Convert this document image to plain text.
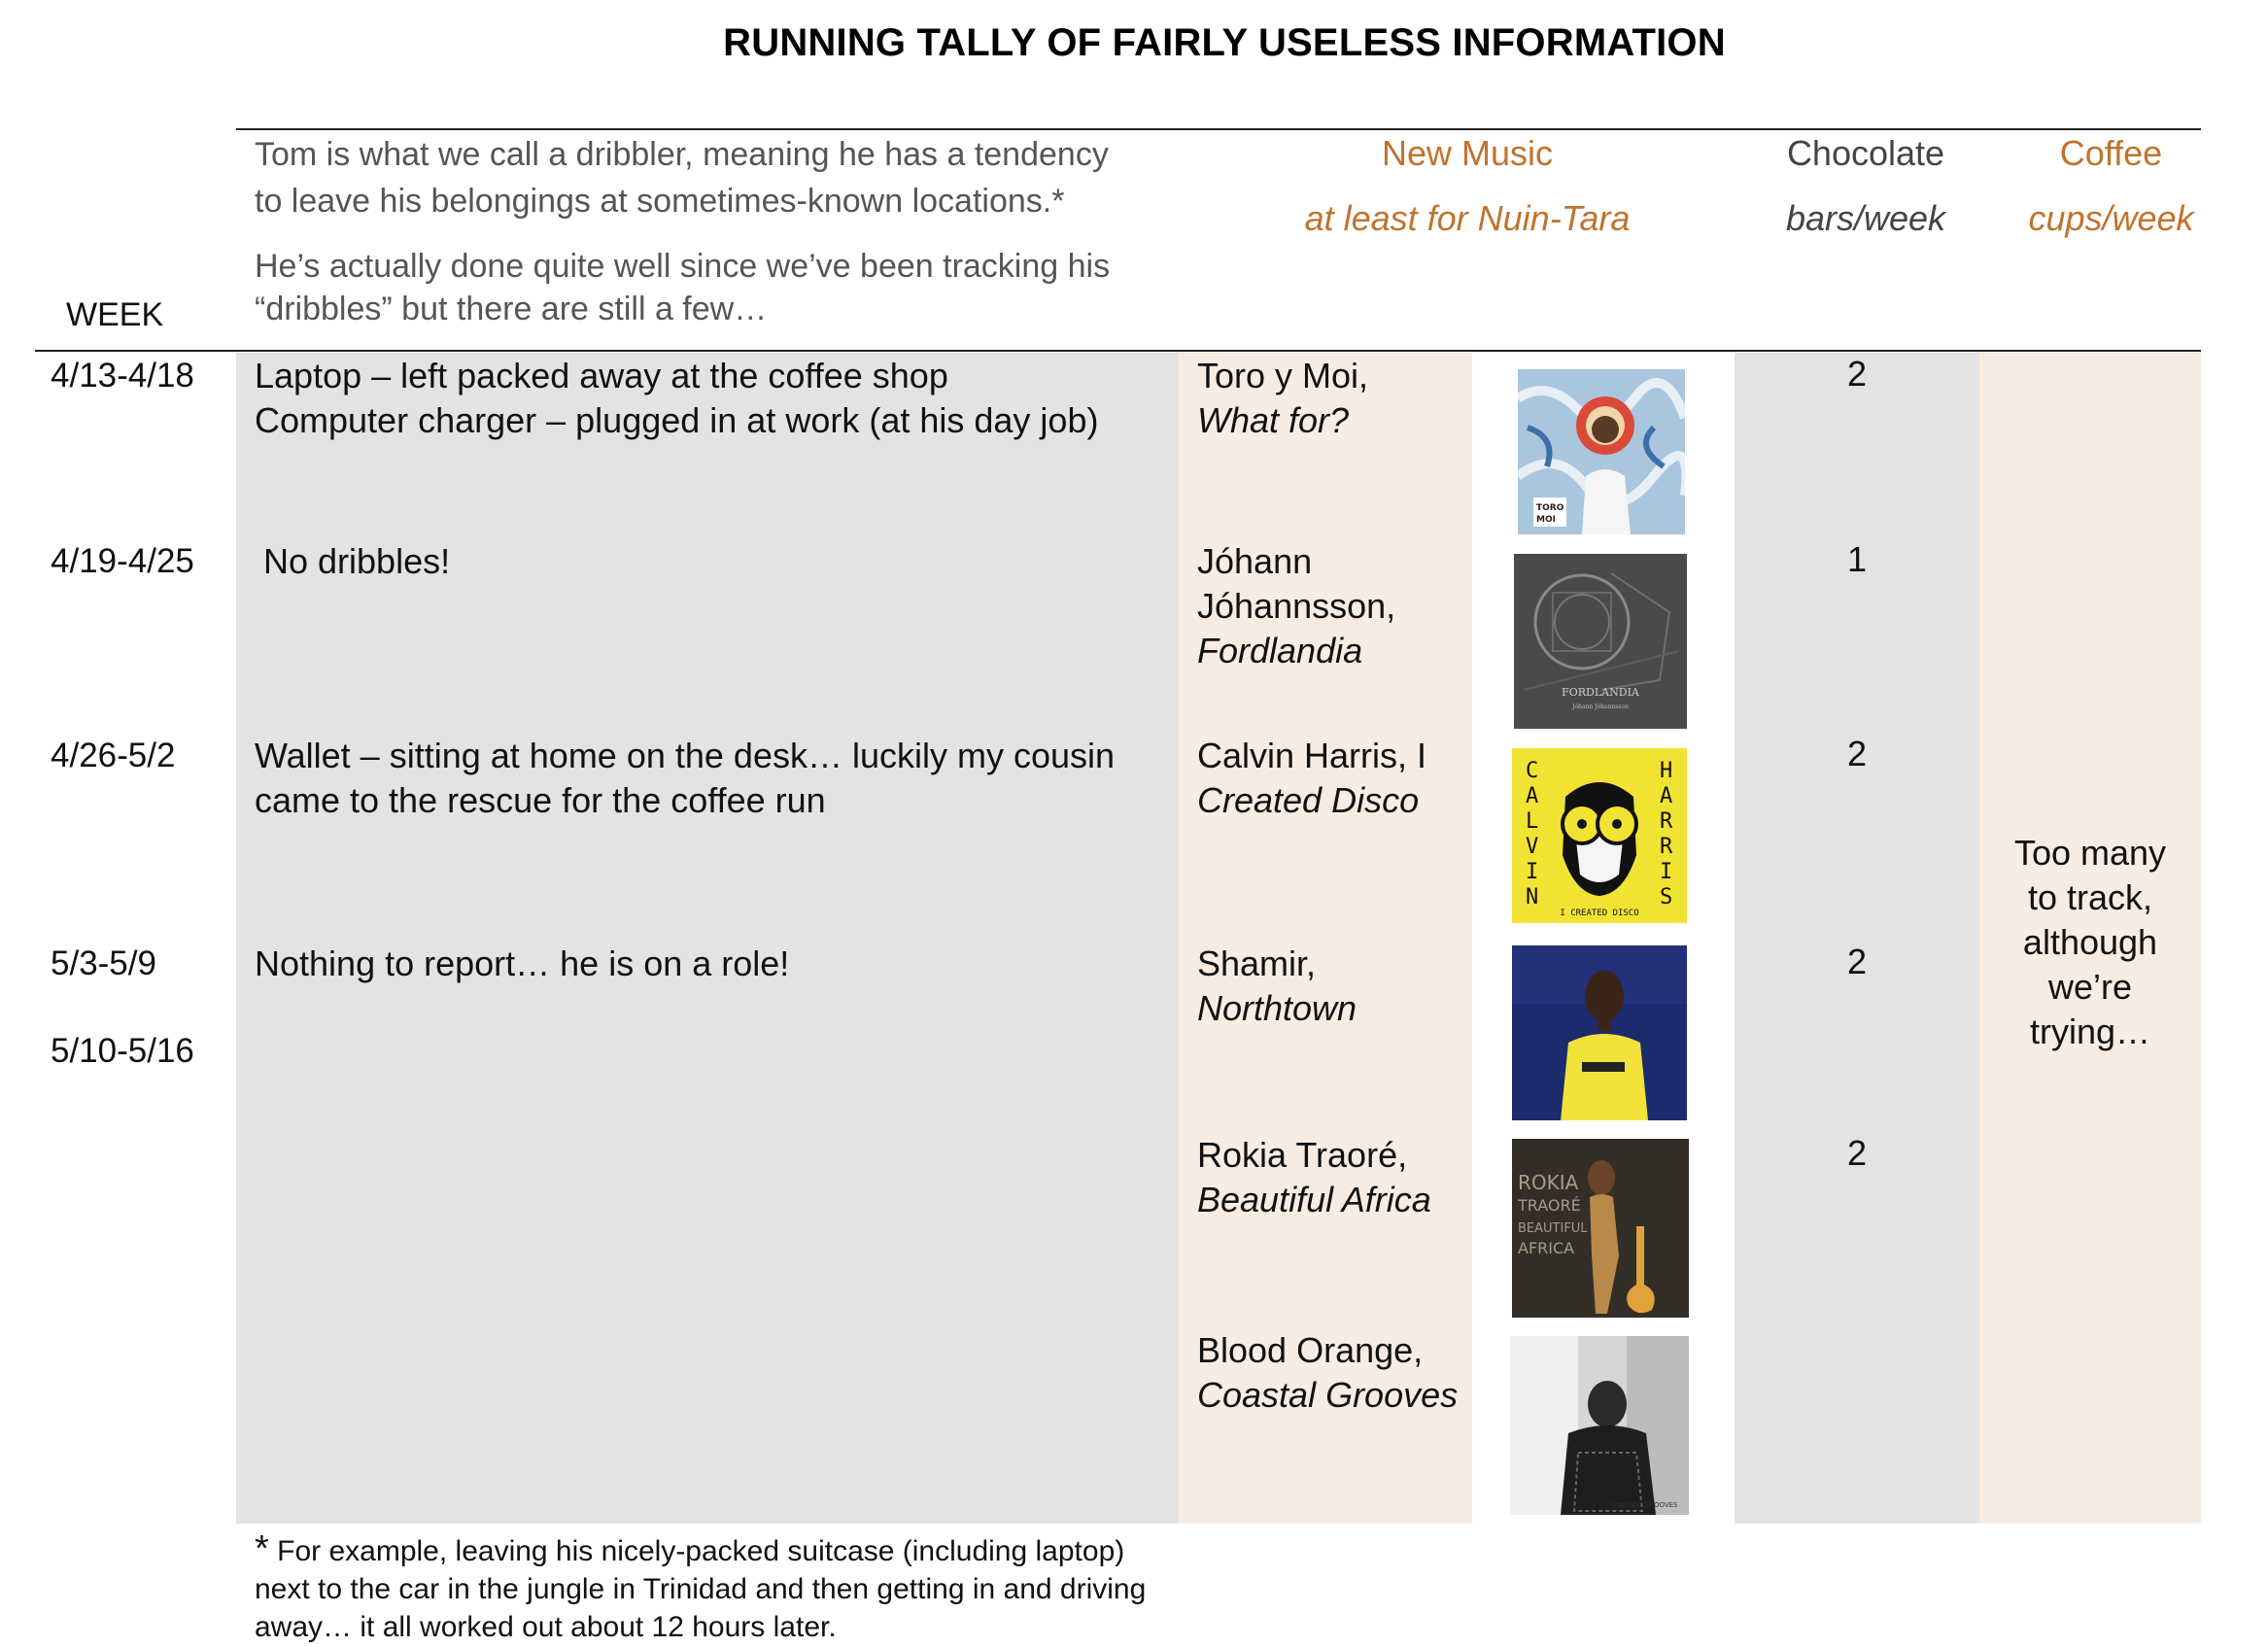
RUNNING TALLY OF FAIRLY USELESS INFORMATION
WEEK
Tom is what we call a dribbler, meaning he has a tendency
to leave his belongings at sometimes-known locations.*
He’s actually done quite well since we’ve been tracking his
“dribbles” but there are still a few…
New Music
at least for Nuin-Tara
Chocolate
bars/week
Coffee
cups/week
4/13-4/18
4/19-4/25
4/26-5/2
5/3-5/9
5/10-5/16
Laptop – left packed away at the coffee shop
Computer charger – plugged in at work (at his day job)
No dribbles!
Wallet – sitting at home on the desk… luckily my cousin
came to the rescue for the coffee run
Nothing to report… he is on a role!
Toro y Moi,
What for?
Jóhann
Jóhannsson,
Fordlandia
Calvin Harris, I
Created Disco
Shamir,
Northtown
Rokia Traoré,
Beautiful Africa
Blood Orange,
Coastal Grooves
TORO
MOI
FORDLANDIA
Jóhann Jóhannsson
C
A
L
V
I
N
H
A
R
R
I
S
I CREATED DISCO
ROKIA
TRAORÉ
BEAUTIFUL
AFRICA
COASTAL GROOVES
2
1
2
2
2
Too many
to track,
although
we’re
trying…
* For example, leaving his nicely-packed suitcase (including laptop)
next to the car in the jungle in Trinidad and then getting in and driving
away… it all worked out about 12 hours later.
